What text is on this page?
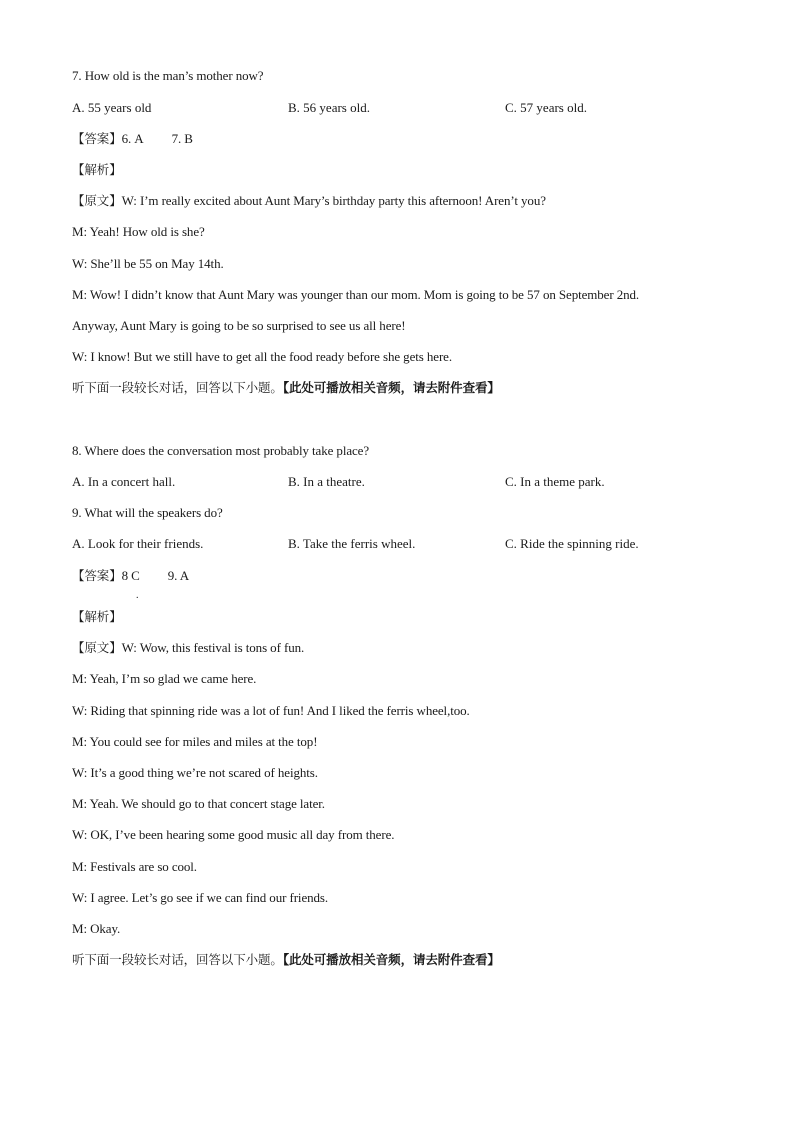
7. How old is the man’s mother now?
A. 55 years old	B. 56 years old.	C. 57 years old.
【答案】6. A 7. B
【解析】
【原文】W: I’m really excited about Aunt Mary’s birthday party this afternoon! Aren’t you?
M: Yeah! How old is she?
W: She’ll be 55 on May 14th.
M: Wow! I didn’t know that Aunt Mary was younger than our mom. Mom is going to be 57 on September 2nd.
Anyway, Aunt Mary is going to be so surprised to see us all here!
W: I know! But we still have to get all the food ready before she gets here.
听下面一段较长对话，回答以下小题。【此处可播放相关音频，请去附件查看】
8. Where does the conversation most probably take place?
A. In a concert hall.	B. In a theatre.	C. In a theme park.
9. What will the speakers do?
A. Look for their friends.	B. Take the ferris wheel.	C. Ride the spinning ride.
【答案】8 C 9. A
.
【解析】
【原文】W: Wow, this festival is tons of fun.
M: Yeah, I’m so glad we came here.
W: Riding that spinning ride was a lot of fun! And I liked the ferris wheel,too.
M: You could see for miles and miles at the top!
W: It’s a good thing we’re not scared of heights.
M: Yeah. We should go to that concert stage later.
W: OK, I’ve been hearing some good music all day from there.
M: Festivals are so cool.
W: I agree. Let’s go see if we can find our friends.
M: Okay.
听下面一段较长对话，回答以下小题。【此处可播放相关音频，请去附件查看】
